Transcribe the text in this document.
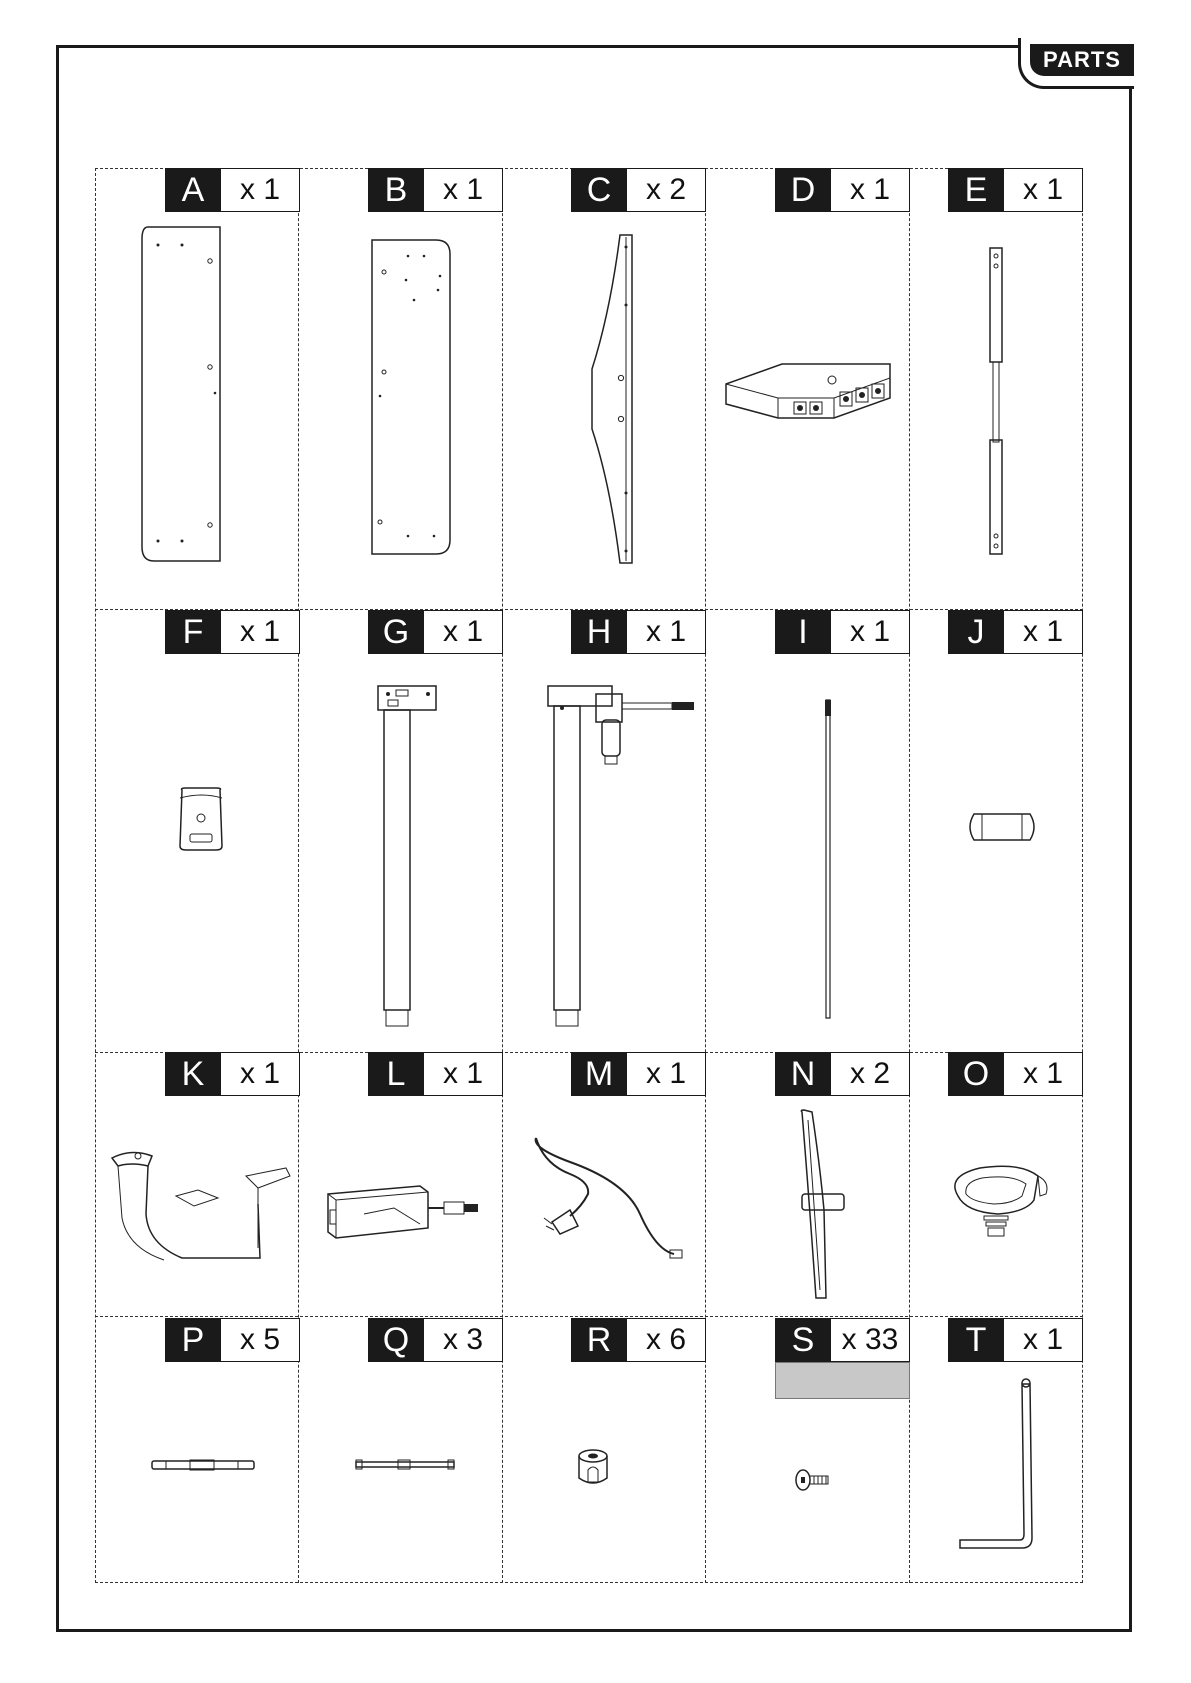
PARTS
A	x 1	B	x 1	C	x 2	D	x 1	E	x 1
F	x 1	G	x 1	H	x 1	I	x 1	J	x 1
K	x 1	L	x 1	M	x 1	N	x 2	O	x 1
P	x 5	Q	x 3	R	x 6	S x 33	T	x 1
